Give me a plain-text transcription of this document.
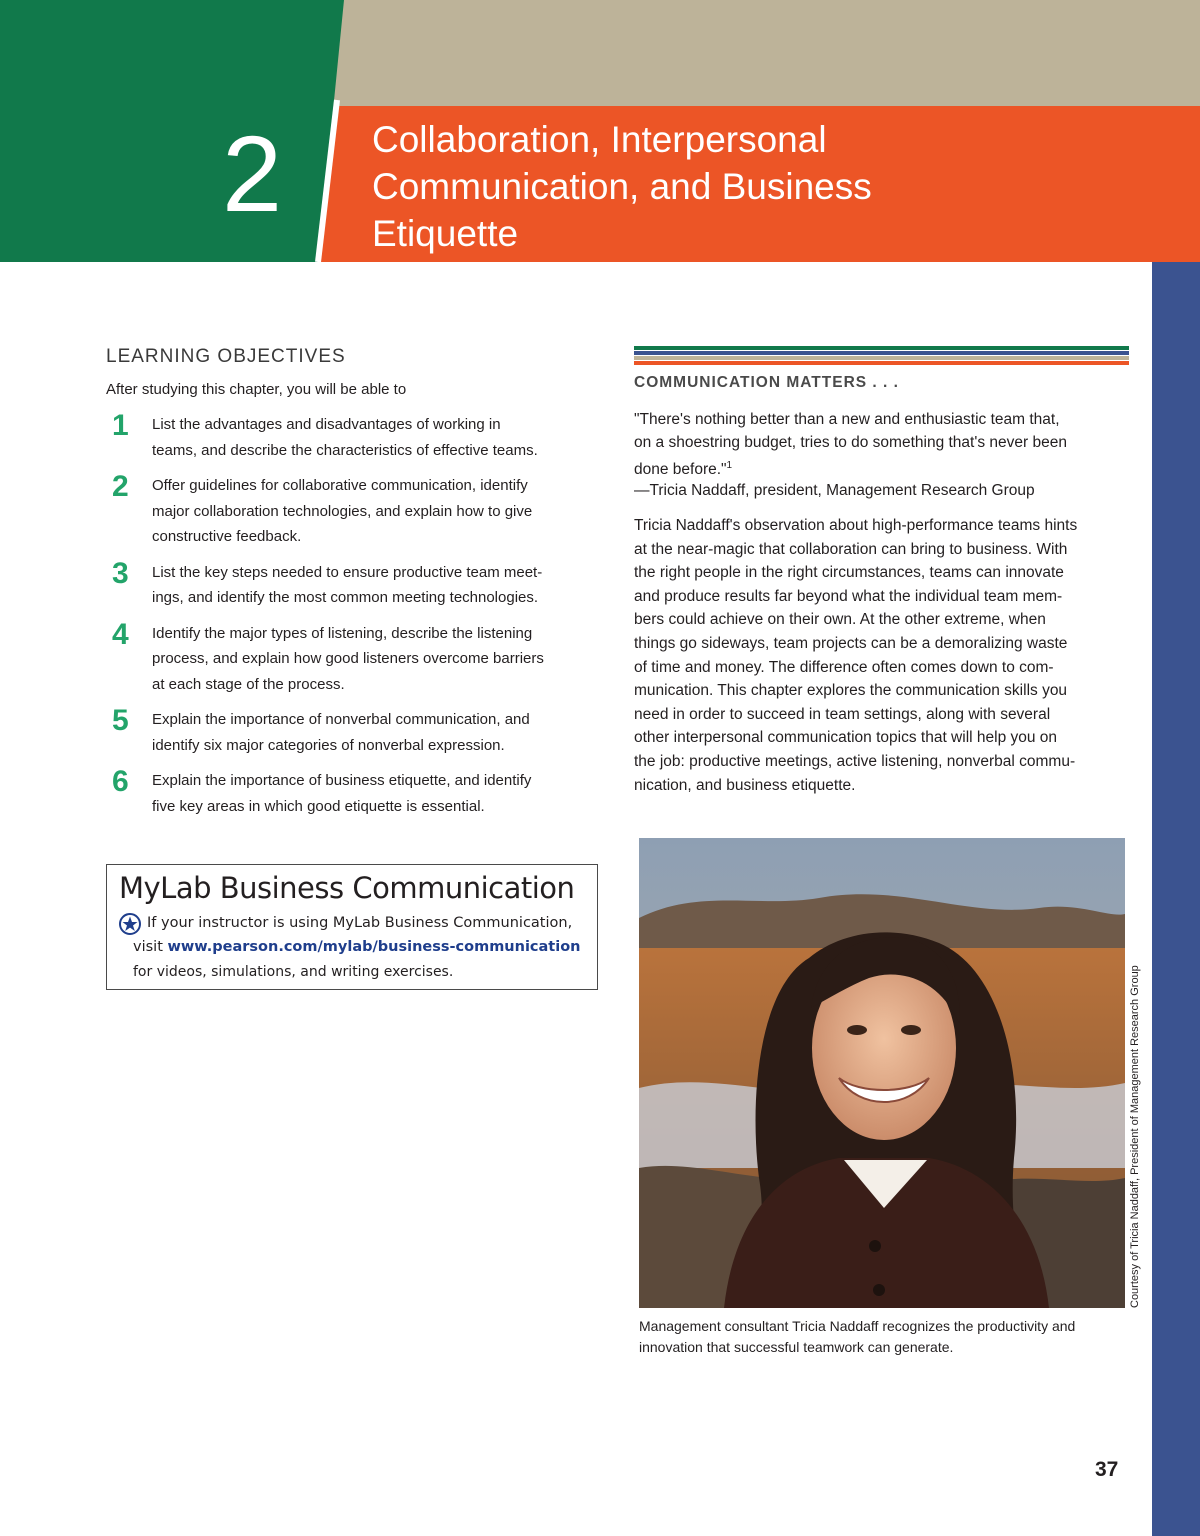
2	Collaboration, Interpersonal
Communication, and Business
Etiquette
LEARNING OBJECTIVES
After studying this chapter, you will be able to
1 List the advantages and disadvantages of working in
teams, and describe the characteristics of effective teams.
2 Offer guidelines for collaborative communication, identify
major collaboration technologies, and explain how to give
constructive feedback.
3 List the key steps needed to ensure productive team meet-
ings, and identify the most common meeting technologies.
4 Identify the major types of listening, describe the listening
process, and explain how good listeners overcome barriers
at each stage of the process.
5 Explain the importance of nonverbal communication, and
identify six major categories of nonverbal expression.
6 Explain the importance of business etiquette, and identify
five key areas in which good etiquette is essential.
MyLab Business Communication
If your instructor is using MyLab Business Communication,
visit www.pearson.com/mylab/business-communication
for videos, simulations, and writing exercises.
COMMUNICATION MATTERS . . .
"There's nothing better than a new and enthusiastic team that,
on a shoestring budget, tries to do something that's never been
done before."$^1$
—Tricia Naddaff, president, Management Research Group
Tricia Naddaff's observation about high-performance teams hints
at the near-magic that collaboration can bring to business. With
the right people in the right circumstances, teams can innovate
and produce results far beyond what the individual team mem-
bers could achieve on their own. At the other extreme, when
things go sideways, team projects can be a demoralizing waste
of time and money. The difference often comes down to com-
munication. This chapter explores the communication skills you
need in order to succeed in team settings, along with several
other interpersonal communication topics that will help you on
the job: productive meetings, active listening, nonverbal commu-
nication, and business etiquette.
Courtesy of Tricia Naddaff, President of Management Research Group
Management consultant Tricia Naddaff recognizes the productivity and
innovation that successful teamwork can generate.
37
